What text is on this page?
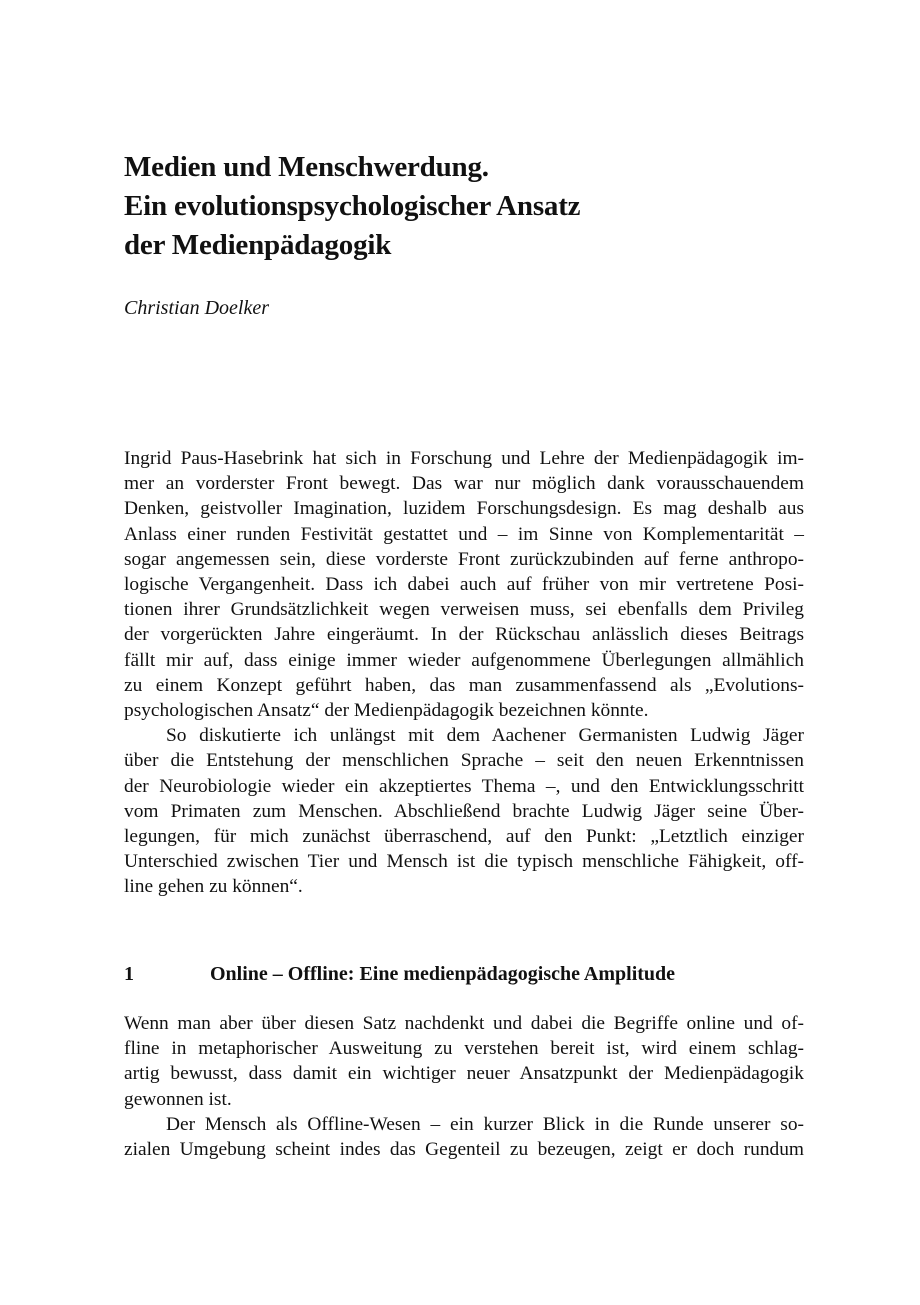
Medien und Menschwerdung.
Ein evolutionspsychologischer Ansatz
der Medienpädagogik

Christian Doelker

Ingrid Paus-Hasebrink hat sich in Forschung und Lehre der Medienpädagogik im-
mer an vorderster Front bewegt. Das war nur möglich dank vorausschauendem
Denken, geistvoller Imagination, luzidem Forschungsdesign. Es mag deshalb aus
Anlass einer runden Festivität gestattet und – im Sinne von Komplementarität –
sogar angemessen sein, diese vorderste Front zurückzubinden auf ferne anthropo-
logische Vergangenheit. Dass ich dabei auch auf früher von mir vertretene Posi-
tionen ihrer Grundsätzlichkeit wegen verweisen muss, sei ebenfalls dem Privileg
der vorgerückten Jahre eingeräumt. In der Rückschau anlässlich dieses Beitrags
fällt mir auf, dass einige immer wieder aufgenommene Überlegungen allmählich
zu einem Konzept geführt haben, das man zusammenfassend als „Evolutions-
psychologischen Ansatz“ der Medienpädagogik bezeichnen könnte.

So diskutierte ich unlängst mit dem Aachener Germanisten Ludwig Jäger
über die Entstehung der menschlichen Sprache – seit den neuen Erkenntnissen
der Neurobiologie wieder ein akzeptiertes Thema –, und den Entwicklungsschritt
vom Primaten zum Menschen. Abschließend brachte Ludwig Jäger seine Über-
legungen, für mich zunächst überraschend, auf den Punkt: „Letztlich einziger
Unterschied zwischen Tier und Mensch ist die typisch menschliche Fähigkeit, off-
line gehen zu können“.

1	Online – Offline: Eine medienpädagogische Amplitude

Wenn man aber über diesen Satz nachdenkt und dabei die Begriffe online und of-
fline in metaphorischer Ausweitung zu verstehen bereit ist, wird einem schlag-
artig bewusst, dass damit ein wichtiger neuer Ansatzpunkt der Medienpädagogik
gewonnen ist.

Der Mensch als Offline-Wesen – ein kurzer Blick in die Runde unserer so-
zialen Umgebung scheint indes das Gegenteil zu bezeugen, zeigt er doch rundum
